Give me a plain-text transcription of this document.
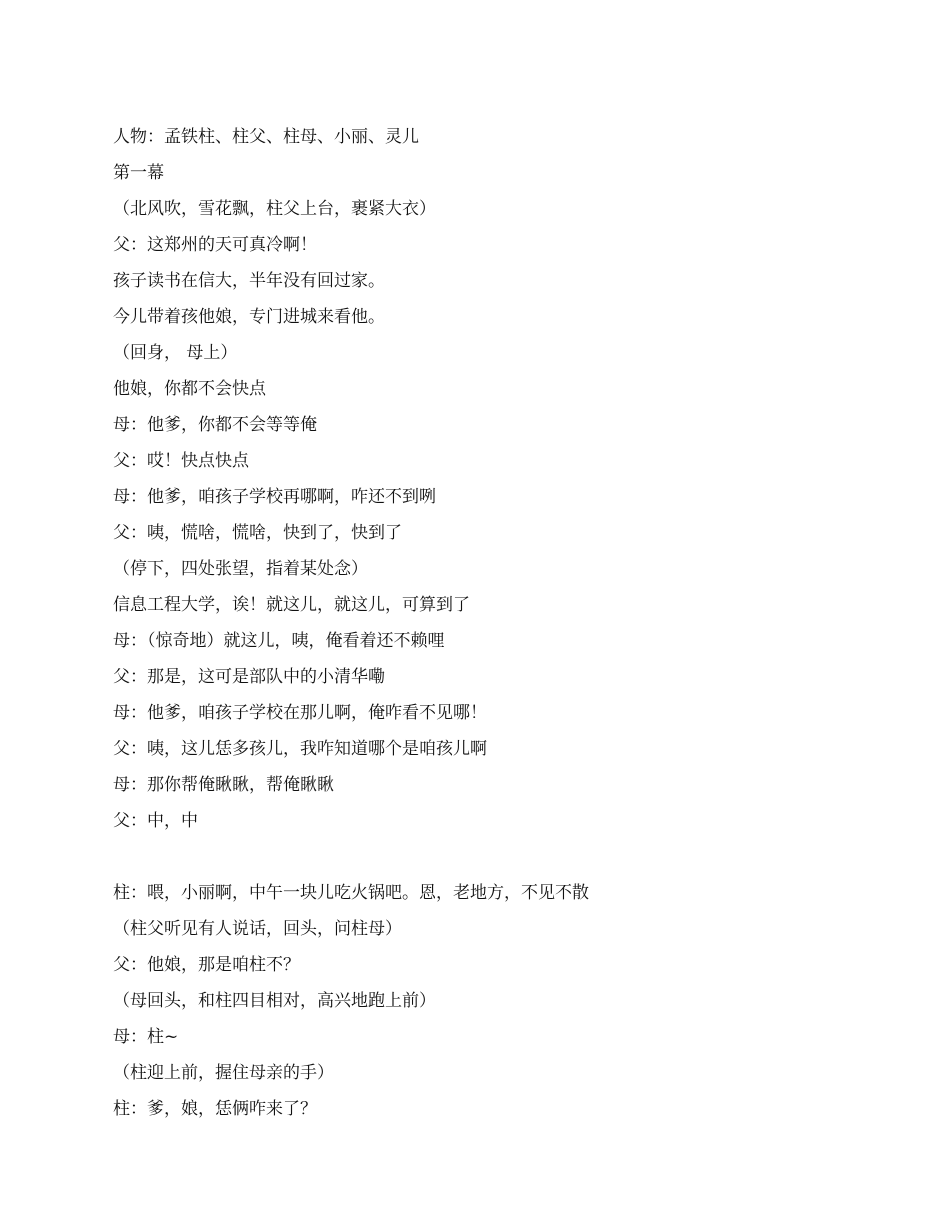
人物：孟铁柱、柱父、柱母、小丽、灵儿
第一幕
（北风吹，雪花飘，柱父上台，裹紧大衣）
父：这郑州的天可真冷啊！
孩子读书在信大，半年没有回过家。
今儿带着孩他娘，专门进城来看他。
（回身， 母上）
他娘，你都不会快点
母：他爹，你都不会等等俺
父：哎！快点快点
母：他爹，咱孩子学校再哪啊，咋还不到咧
父：咦，慌啥，慌啥，快到了，快到了
（停下，四处张望，指着某处念）
信息工程大学，诶！就这儿，就这儿，可算到了
母：（惊奇地）就这儿，咦，俺看着还不赖哩
父：那是，这可是部队中的小清华嘞
母：他爹，咱孩子学校在那儿啊，俺咋看不见哪！
父：咦，这儿恁多孩儿，我咋知道哪个是咱孩儿啊
母：那你帮俺瞅瞅，帮俺瞅瞅
父：中，中
柱：喂，小丽啊，中午一块儿吃火锅吧。恩，老地方，不见不散
（柱父听见有人说话，回头，问柱母）
父：他娘，那是咱柱不？
（母回头，和柱四目相对，高兴地跑上前）
母：柱~
（柱迎上前，握住母亲的手）
柱：爹，娘，恁俩咋来了？
